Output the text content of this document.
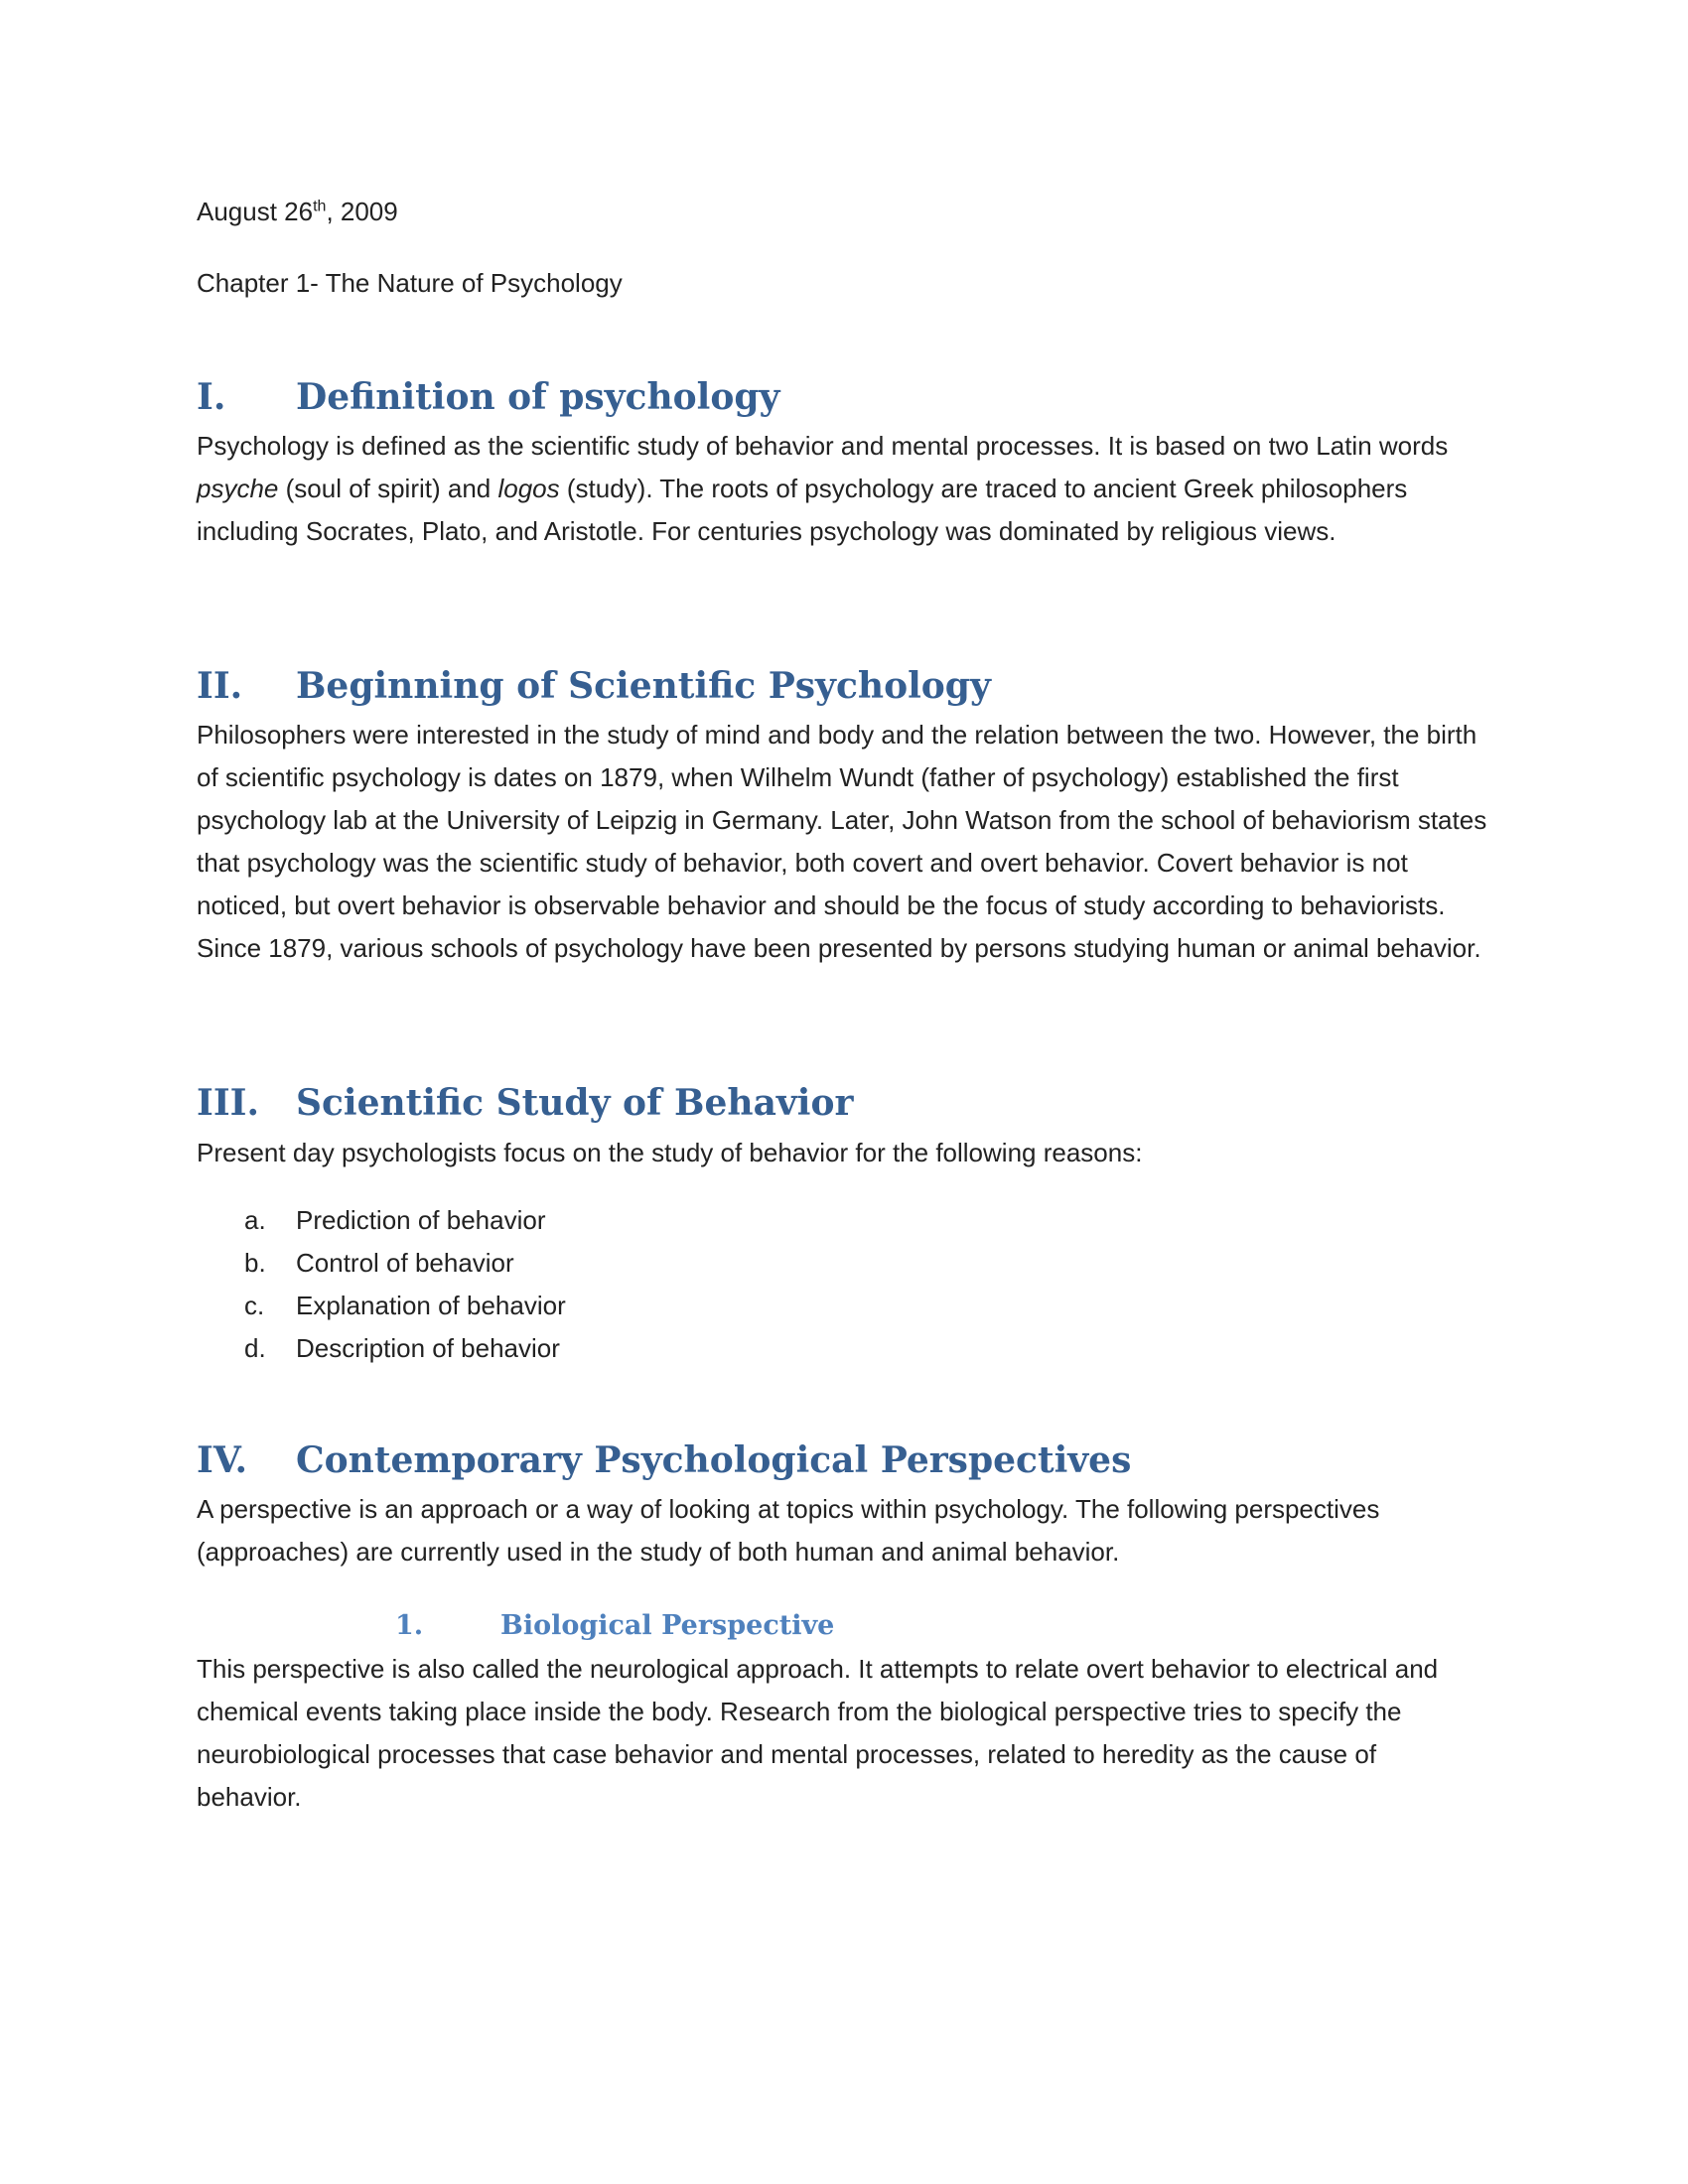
August 26th, 2009
Chapter 1- The Nature of Psychology
I. Definition of psychology

Psychology is defined as the scientific study of behavior and mental processes. It is based on two Latin words psyche (soul of spirit) and logos (study). The roots of psychology are traced to ancient Greek philosophers including Socrates, Plato, and Aristotle. For centuries psychology was dominated by religious views.

II. Beginning of Scientific Psychology

Philosophers were interested in the study of mind and body and the relation between the two. However, the birth of scientific psychology is dates on 1879, when Wilhelm Wundt (father of psychology) established the first psychology lab at the University of Leipzig in Germany. Later, John Watson from the school of behaviorism states that psychology was the scientific study of behavior, both covert and overt behavior. Covert behavior is not noticed, but overt behavior is observable behavior and should be the focus of study according to behaviorists. Since 1879, various schools of psychology have been presented by persons studying human or animal behavior.

III. Scientific Study of Behavior

Present day psychologists focus on the study of behavior for the following reasons:

a.	Prediction of behavior
b.	Control of behavior
c.	Explanation of behavior
d.	Description of behavior
IV. Contemporary Psychological Perspectives

A perspective is an approach or a way of looking at topics within psychology. The following perspectives (approaches) are currently used in the study of both human and animal behavior.

1.	Biological Perspective

This perspective is also called the neurological approach. It attempts to relate overt behavior to electrical and chemical events taking place inside the body. Research from the biological perspective tries to specify the neurobiological processes that case behavior and mental processes, related to heredity as the cause of behavior.
